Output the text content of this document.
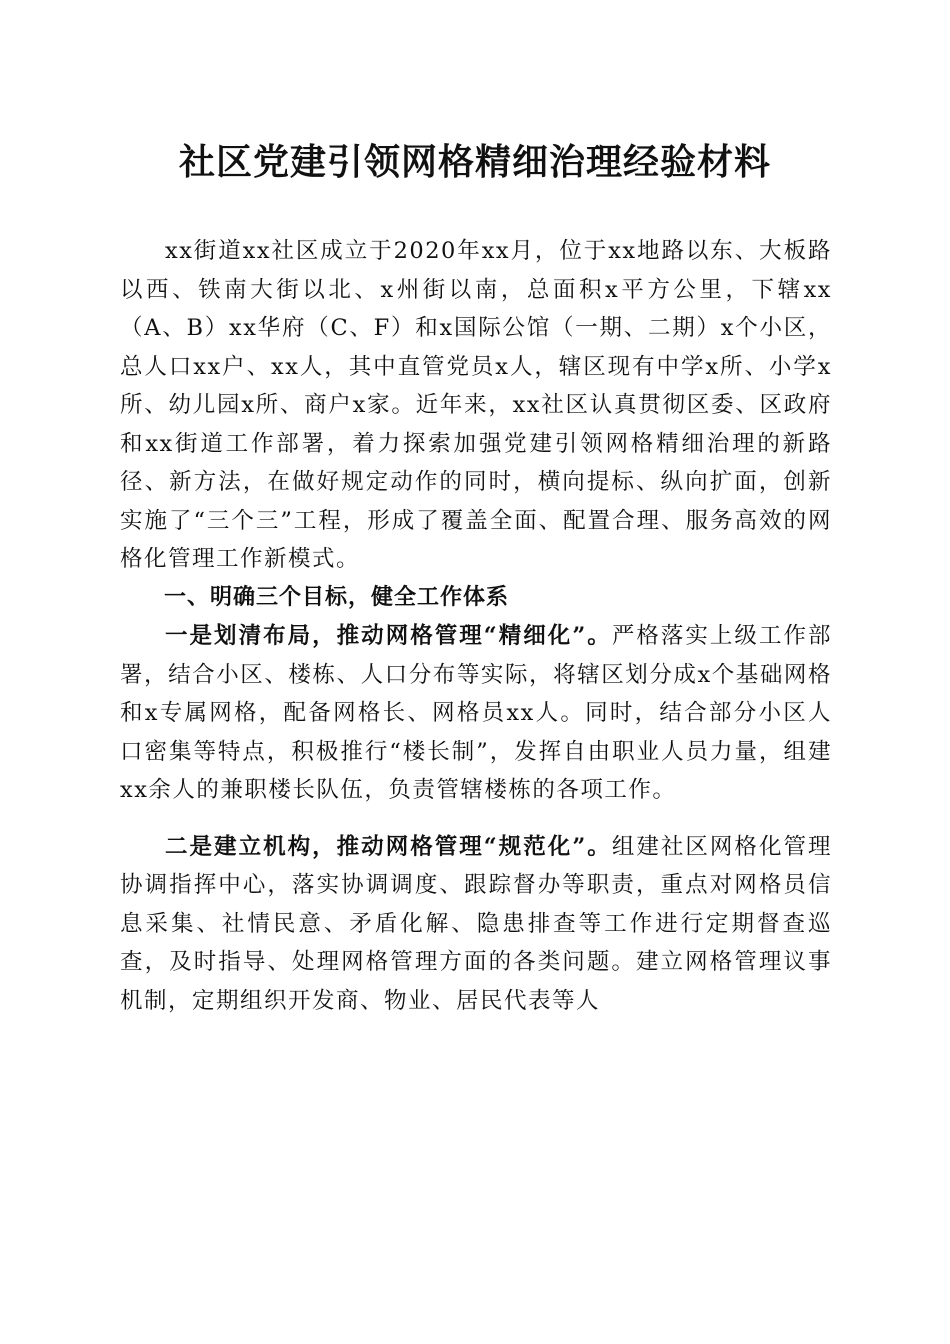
社区党建引领网格精细治理经验材料

xx街道xx社区成立于2020年xx月，位于xx地路以东、大板路以西、铁南大街以北、x州街以南，总面积x平方公里，下辖xx（A、B）xx华府（C、F）和x国际公馆（一期、二期）x个小区，总人口xx户、xx人，其中直管党员x人，辖区现有中学x所、小学x所、幼儿园x所、商户x家。近年来，xx社区认真贯彻区委、区政府和xx街道工作部署，着力探索加强党建引领网格精细治理的新路径、新方法，在做好规定动作的同时，横向提标、纵向扩面，创新实施了“三个三”工程，形成了覆盖全面、配置合理、服务高效的网格化管理工作新模式。

一、明确三个目标，健全工作体系

一是划清布局，推动网格管理“精细化”。严格落实上级工作部署，结合小区、楼栋、人口分布等实际，将辖区划分成x个基础网格和x专属网格，配备网格长、网格员xx人。同时，结合部分小区人口密集等特点，积极推行“楼长制”，发挥自由职业人员力量，组建xx余人的兼职楼长队伍，负责管辖楼栋的各项工作。

二是建立机构，推动网格管理“规范化”。组建社区网格化管理协调指挥中心，落实协调调度、跟踪督办等职责，重点对网格员信息采集、社情民意、矛盾化解、隐患排查等工作进行定期督查巡查，及时指导、处理网格管理方面的各类问题。建立网格管理议事机制，定期组织开发商、物业、居民代表等人
